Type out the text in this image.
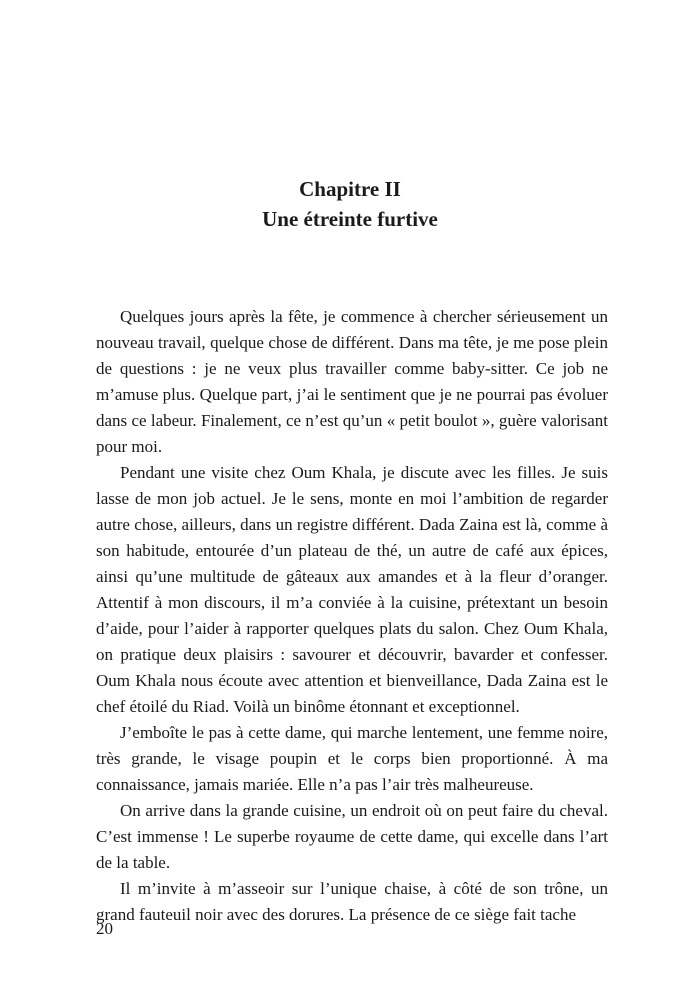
Chapitre II
Une étreinte furtive

Quelques jours après la fête, je commence à chercher sérieusement un nouveau travail, quelque chose de différent. Dans ma tête, je me pose plein de questions : je ne veux plus travailler comme baby-sitter. Ce job ne m’amuse plus. Quelque part, j’ai le sentiment que je ne pourrai pas évoluer dans ce labeur. Finalement, ce n’est qu’un « petit boulot », guère valorisant pour moi.

Pendant une visite chez Oum Khala, je discute avec les filles. Je suis lasse de mon job actuel. Je le sens, monte en moi l’ambition de regarder autre chose, ailleurs, dans un registre différent. Dada Zaina est là, comme à son habitude, entourée d’un plateau de thé, un autre de café aux épices, ainsi qu’une multitude de gâteaux aux amandes et à la fleur d’oranger. Attentif à mon discours, il m’a conviée à la cuisine, prétextant un besoin d’aide, pour l’aider à rapporter quelques plats du salon. Chez Oum Khala, on pratique deux plaisirs : savourer et découvrir, bavarder et confesser. Oum Khala nous écoute avec attention et bienveillance, Dada Zaina est le chef étoilé du Riad. Voilà un binôme étonnant et exceptionnel.

J’emboîte le pas à cette dame, qui marche lentement, une femme noire, très grande, le visage poupin et le corps bien proportionné. À ma connaissance, jamais mariée. Elle n’a pas l’air très malheureuse.

On arrive dans la grande cuisine, un endroit où on peut faire du cheval. C’est immense ! Le superbe royaume de cette dame, qui excelle dans l’art de la table.

Il m’invite à m’asseoir sur l’unique chaise, à côté de son trône, un grand fauteuil noir avec des dorures. La présence de ce siège fait tache

20
